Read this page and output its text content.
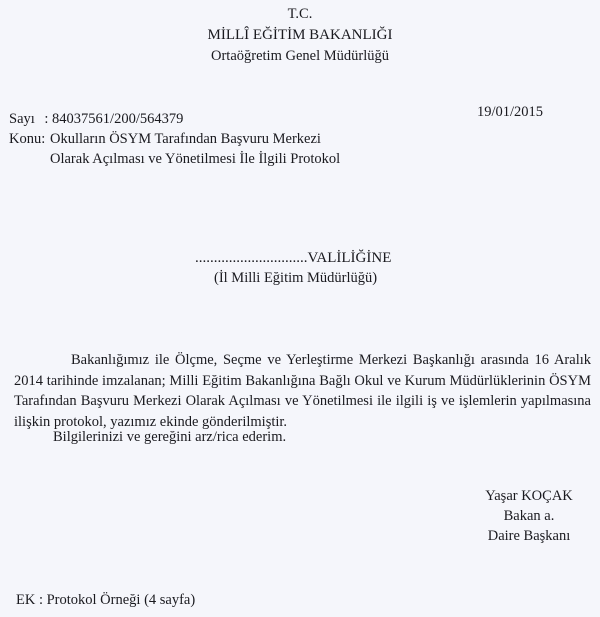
T.C.
MİLLÎ EĞİTİM BAKANLIĞI
Ortaöğretim Genel Müdürlüğü
Sayı : 84037561/200/564379	19/01/2015
Konu: Okulların ÖSYM Tarafından Başvuru Merkezi
Olarak Açılması ve Yönetilmesi İle İlgili Protokol
..............................VALİLİĞİNE
(İl Milli Eğitim Müdürlüğü)
Bakanlığımız ile Ölçme, Seçme ve Yerleştirme Merkezi Başkanlığı arasında 16 Aralık 2014 tarihinde imzalanan; Milli Eğitim Bakanlığına Bağlı Okul ve Kurum Müdürlüklerinin ÖSYM Tarafından Başvuru Merkezi Olarak Açılması ve Yönetilmesi ile ilgili iş ve işlemlerin yapılmasına ilişkin protokol, yazımız ekinde gönderilmiştir.
Bilgilerinizi ve gereğini arz/rica ederim.
Yaşar KOÇAK
Bakan a.
Daire Başkanı
EK : Protokol Örneği (4 sayfa)
